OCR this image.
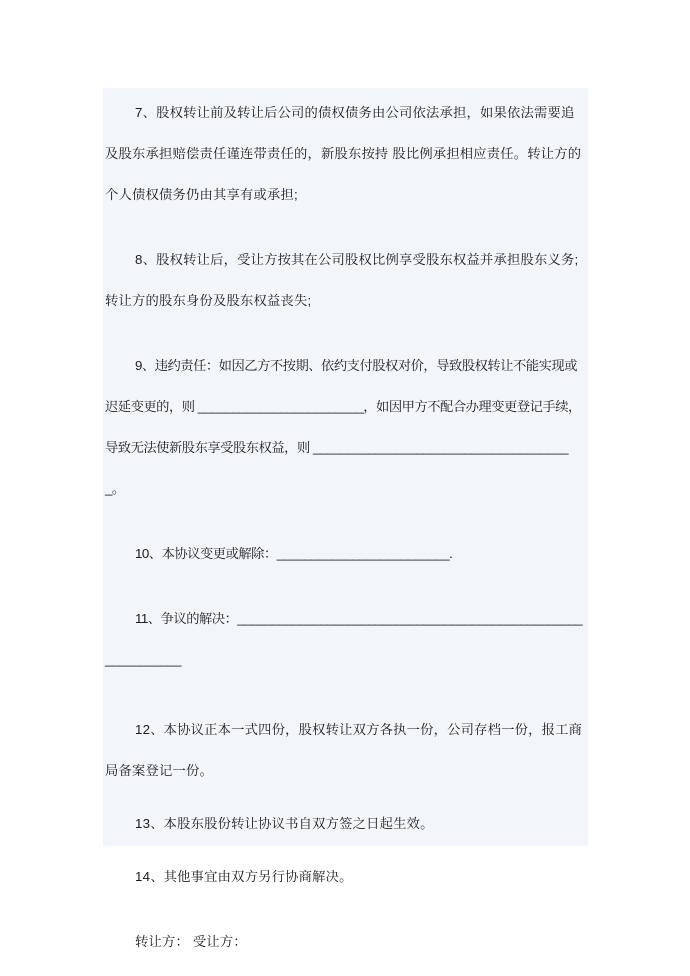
7、股权转让前及转让后公司的债权债务由公司依法承担，如果依法需要追及股东承担赔偿责任谨连带责任的，新股东按持 股比例承担相应责任。转让方的个人债权债务仍由其享有或承担;

8、股权转让后，受让方按其在公司股权比例享受股东权益并承担股东义务;转让方的股东身份及股东权益丧失;

9、违约责任：如因乙方不按期、依约支付股权对价，导致股权转让不能实现或迟延变更的，则 ________________________，如因甲方不配合办理变更登记手续，导致无法使新股东享受股东权益，则 ______________________________________。

10、本协议变更或解除：_________________________.

11、争议的解决：_____________________________________________________________

12、本协议正本一式四份，股权转让双方各执一份，公司存档一份，报工商局备案登记一份。

13、本股东股份转让协议书自双方签之日起生效。

14、其他事宜由双方另行协商解决。

转让方： 受让方：
